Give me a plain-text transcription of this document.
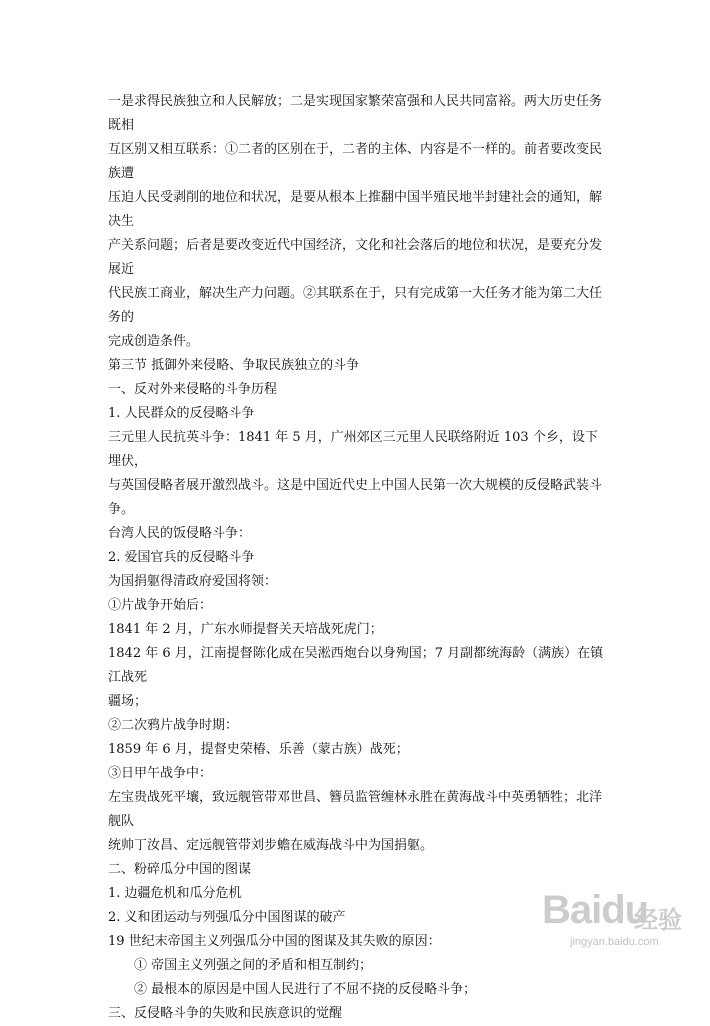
一是求得民族独立和人民解放；二是实现国家繁荣富强和人民共同富裕。两大历史任务既相

互区别又相互联系：①二者的区别在于，二者的主体、内容是不一样的。前者要改变民族遭

压迫人民受剥削的地位和状况，是要从根本上推翻中国半殖民地半封建社会的通知，解决生

产关系问题；后者是要改变近代中国经济，文化和社会落后的地位和状况，是要充分发展近

代民族工商业，解决生产力问题。②其联系在于，只有完成第一大任务才能为第二大任务的

完成创造条件。

第三节 抵御外来侵略、争取民族独立的斗争

一、反对外来侵略的斗争历程

1. 人民群众的反侵略斗争

三元里人民抗英斗争：1841 年 5 月，广州郊区三元里人民联络附近 103 个乡，设下埋伏，

与英国侵略者展开激烈战斗。这是中国近代史上中国人民第一次大规模的反侵略武装斗争。

台湾人民的饭侵略斗争：

2. 爱国官兵的反侵略斗争

为国捐躯得清政府爱国将领：

①片战争开始后：

1841 年 2 月，广东水师提督关天培战死虎门；

1842 年 6 月，江南提督陈化成在吴淞西炮台以身殉国；7 月副都统海龄（满族）在镇江战死

疆场；

②二次鸦片战争时期：

1859 年 6 月，提督史荣椿、乐善（蒙古族）战死；

③日甲午战争中：

左宝贵战死平壤，致远舰管带邓世昌、簪员监管缠林永胜在黄海战斗中英勇牺牲；北洋舰队

统帅丁汝昌、定远舰管带刘步蟾在威海战斗中为国捐躯。

二、粉碎瓜分中国的图谋

1. 边疆危机和瓜分危机

2. 义和团运动与列强瓜分中国图谋的破产

19 世纪末帝国主义列强瓜分中国的图谋及其失败的原因：

① 帝国主义列强之间的矛盾和相互制约；

② 最根本的原因是中国人民进行了不屈不挠的反侵略斗争；

三、反侵略斗争的失败和民族意识的觉醒

Baidu
经验
jingyan.baidu.com
